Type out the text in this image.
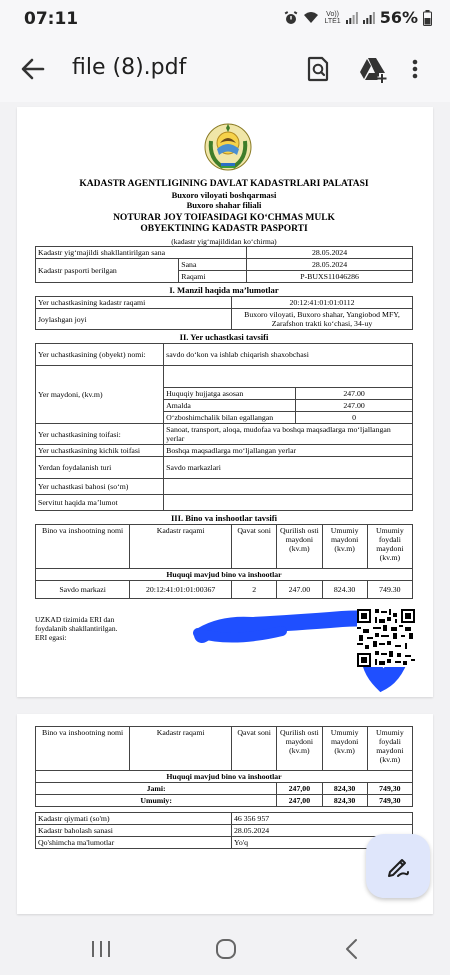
07:11	Vo))
LTE1 56%
file (8).pdf
KADASTR AGENTLIGINING DAVLAT KADASTRLARI PALATASI
Buxoro viloyati boshqarmasi
Buxoro shahar filiali
NOTURAR JOY TOIFASIDAGI KO‘CHMAS MULK
OBYEKTINING KADASTR PASPORTI
(kadastr yig‘majildidan ko‘chirma)
Kadastr yig‘majildi shakllantirilgan sana		28.05.2024
Kadastr pasporti berilgan	Sana	28.05.2024
	Raqami	P-BUXS11046286
I. Manzil haqida ma’lumotlar
Yer uchastkasining kadastr raqami	20:12:41:01:01:0112
Joylashgan joyi	Buxoro viloyati, Buxoro shahar, Yangiobod MFY, Zarafshon trakti ko‘chasi, 34-uy
II. Yer uchastkasi tavsifi
Yer uchastkasining (obyekt) nomi:	savdo do‘kon va ishlab chiqarish shaxobchasi	
Yer maydoni, (kv.m)		
	Huquqiy hujjatga asosan	247.00
	Amalda	247.00
	O‘zboshimchalik bilan egallangan	0
Yer uchastkasining toifasi:	Sanoat, transport, aloqa, mudofaa va boshqa maqsadlarga mo‘ljallangan yerlar	
Yer uchastkasining kichik toifasi	Boshqa maqsadlarga mo‘ljallangan yerlar	
Yerdan foydalanish turi	Savdo markazlari	
Yer uchastkasi bahosi (so‘m)		
Servitut haqida ma’lumot		
III. Bino va inshootlar tavsifi
Bino va inshootning nomi	Kadastr raqami	Qavat soni	Qurilish osti maydoni (kv.m)	Umumiy maydoni (kv.m)	Umumiy foydali maydoni (kv.m)
Huquqi mavjud bino va inshootlar					
Savdo markazi	20:12:41:01:01:00367	2	247.00	824.30	749.30
UZKAD tizimida ERI dan foydalanib shakllantirilgan.
ERI egasi:
Bino va inshootning nomi	Kadastr raqami	Qavat soni	Qurilish osti maydoni (kv.m)	Umumiy maydoni (kv.m)	Umumiy foydali maydoni (kv.m)
Huquqi mavjud bino va inshootlar					
Jami:			247,00	824,30	749,30
Umumiy:			247,00	824,30	749,30
Kadastr qiymati (so'm)	46 356 957
Kadastr baholash sanasi	28.05.2024
Qo'shimcha ma'lumotlar	Yo'q
